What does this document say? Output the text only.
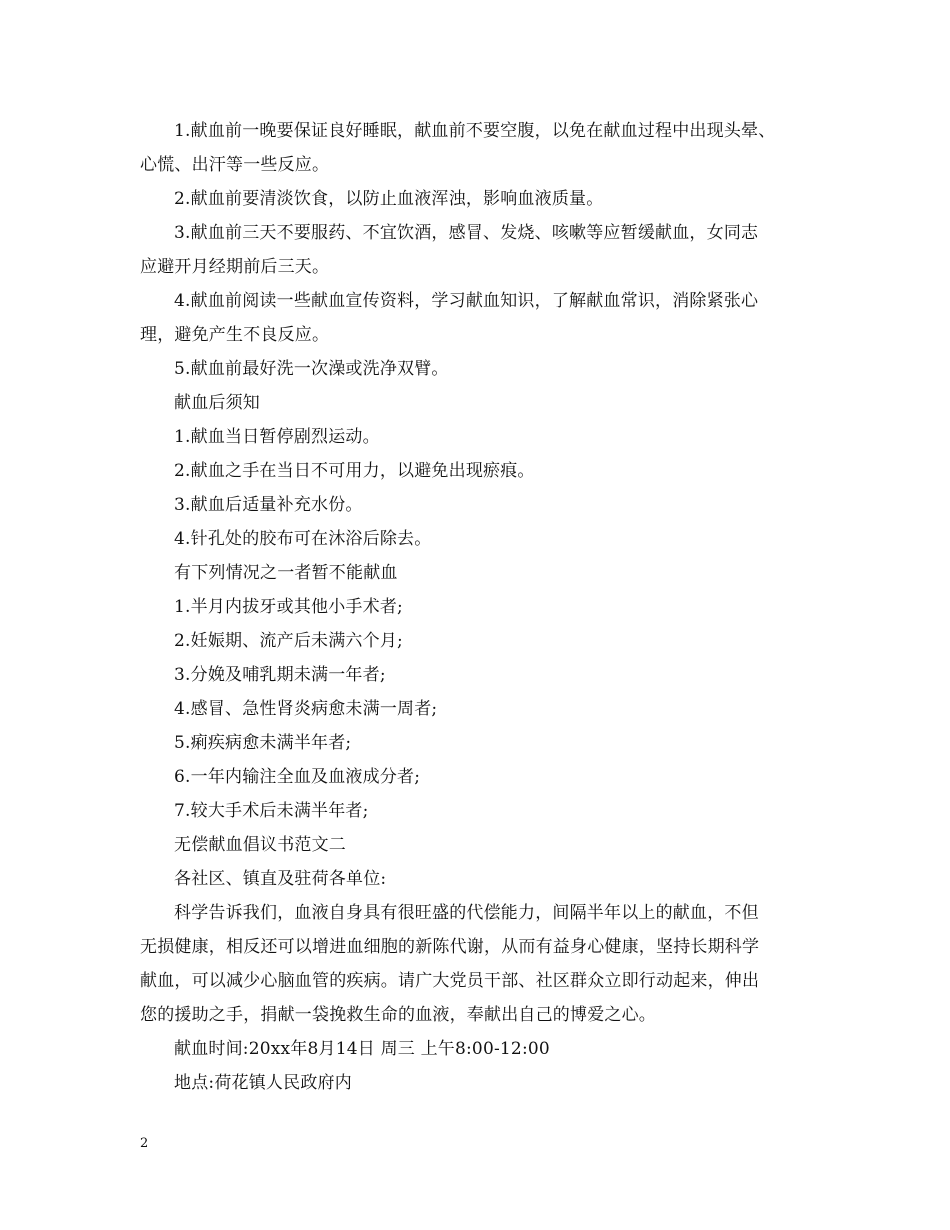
1.献血前一晚要保证良好睡眠，献血前不要空腹，以免在献血过程中出现头晕、
心慌、出汗等一些反应。
2.献血前要清淡饮食，以防止血液浑浊，影响血液质量。
3.献血前三天不要服药、不宜饮酒，感冒、发烧、咳嗽等应暂缓献血，女同志
应避开月经期前后三天。
4.献血前阅读一些献血宣传资料，学习献血知识，了解献血常识，消除紧张心
理，避免产生不良反应。
5.献血前最好洗一次澡或洗净双臂。
献血后须知
1.献血当日暂停剧烈运动。
2.献血之手在当日不可用力，以避免出现瘀痕。
3.献血后适量补充水份。
4.针孔处的胶布可在沐浴后除去。
有下列情况之一者暂不能献血
1.半月内拔牙或其他小手术者;
2.妊娠期、流产后未满六个月;
3.分娩及哺乳期未满一年者;
4.感冒、急性肾炎病愈未满一周者;
5.痢疾病愈未满半年者;
6.一年内输注全血及血液成分者;
7.较大手术后未满半年者;
无偿献血倡议书范文二
各社区、镇直及驻荷各单位:
科学告诉我们，血液自身具有很旺盛的代偿能力，间隔半年以上的献血，不但
无损健康，相反还可以增进血细胞的新陈代谢，从而有益身心健康，坚持长期科学
献血，可以减少心脑血管的疾病。请广大党员干部、社区群众立即行动起来，伸出
您的援助之手，捐献一袋挽救生命的血液，奉献出自己的博爱之心。
献血时间:20xx年8月14日 周三 上午8:00-12:00
地点:荷花镇人民政府内
2
